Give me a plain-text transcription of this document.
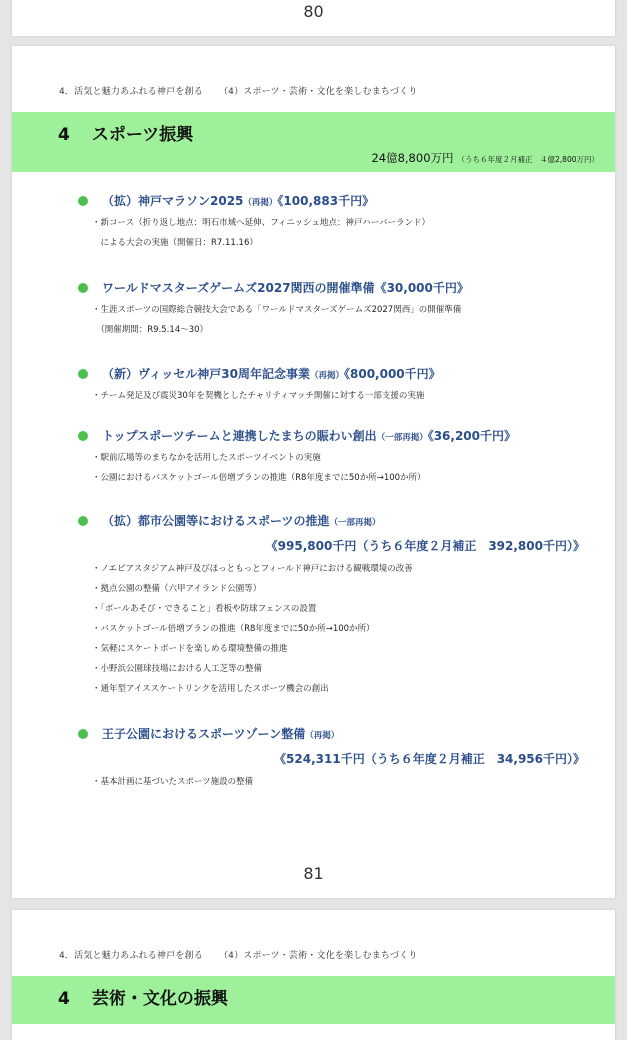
80
4．活気と魅力あふれる神戸を創る （4）スポーツ・芸術・文化を楽しむまちづくり
4 スポーツ振興
24億8,800万円 （うち６年度２月補正　４億2,800万円）
（拡）神戸マラソン2025（再掲）《100,883千円》
・新コース（折り返し地点：明石市域へ延伸、フィニッシュ地点：神戸ハーバーランド）
　による大会の実施（開催日：R7.11.16）
ワールドマスターズゲームズ2027関西の開催準備《30,000千円》
・生涯スポーツの国際総合競技大会である「ワールドマスターズゲームズ2027関西」の開催準備
　（開催期間：R9.5.14～30）
（新）ヴィッセル神戸30周年記念事業（再掲）《800,000千円》
・チーム発足及び震災30年を契機としたチャリティマッチ開催に対する一部支援の実施
トップスポーツチームと連携したまちの賑わい創出（一部再掲）《36,200千円》
・駅前広場等のまちなかを活用したスポーツイベントの実施
・公園におけるバスケットゴール倍増プランの推進（R8年度までに50か所→100か所）
（拡）都市公園等におけるスポーツの推進（一部再掲）
《995,800千円（うち６年度２月補正　392,800千円）》
・ノエビアスタジアム神戸及びほっともっとフィールド神戸における観戦環境の改善
・拠点公園の整備（六甲アイランド公園等）
・「ボールあそび・できること」看板や防球フェンスの設置
・バスケットゴール倍増プランの推進（R8年度までに50か所→100か所）
・気軽にスケートボードを楽しめる環境整備の推進
・小野浜公園球技場における人工芝等の整備
・通年型アイススケートリンクを活用したスポーツ機会の創出
王子公園におけるスポーツゾーン整備（再掲）
《524,311千円（うち６年度２月補正　34,956千円）》
・基本計画に基づいたスポーツ施設の整備
81
4．活気と魅力あふれる神戸を創る （4）スポーツ・芸術・文化を楽しむまちづくり
4 芸術・文化の振興
